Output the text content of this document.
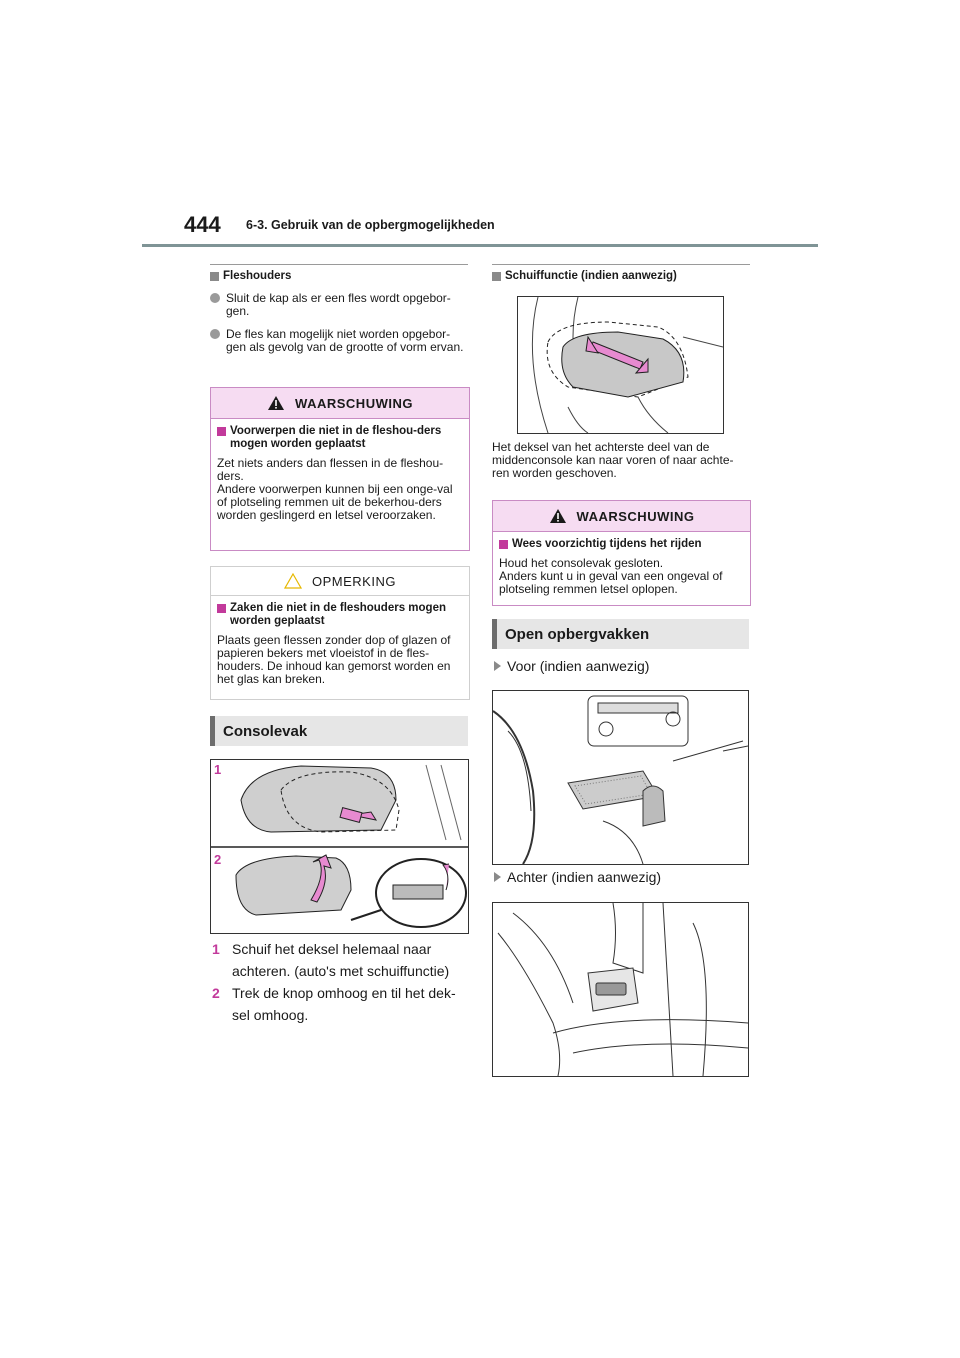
444 6-3. Gebruik van de opbergmogelijkheden
Fleshouders
Sluit de kap als er een fles wordt opgebor-gen.
De fles kan mogelijk niet worden opgebor-gen als gevolg van de grootte of vorm ervan.
WAARSCHUWING
Voorwerpen die niet in de fleshou-ders mogen worden geplaatst
Zet niets anders dan flessen in de fleshou-ders.
Andere voorwerpen kunnen bij een onge-val of plotseling remmen uit de bekerhou-ders worden geslingerd en letsel veroorzaken.
OPMERKING
Zaken die niet in de fleshouders mogen worden geplaatst
Plaats geen flessen zonder dop of glazen of papieren bekers met vloeistof in de fles-houders. De inhoud kan gemorst worden en het glas kan breken.
Consolevak
1
2
1 Schuif het deksel helemaal naar achteren. (auto's met schuiffunctie)
2 Trek de knop omhoog en til het dek-sel omhoog.
Schuiffunctie (indien aanwezig)
Het deksel van het achterste deel van de middenconsole kan naar voren of naar achte-ren worden geschoven.
WAARSCHUWING
Wees voorzichtig tijdens het rijden
Houd het consolevak gesloten.
Anders kunt u in geval van een ongeval of plotseling remmen letsel oplopen.
Open opbergvakken
Voor (indien aanwezig)
Achter (indien aanwezig)
